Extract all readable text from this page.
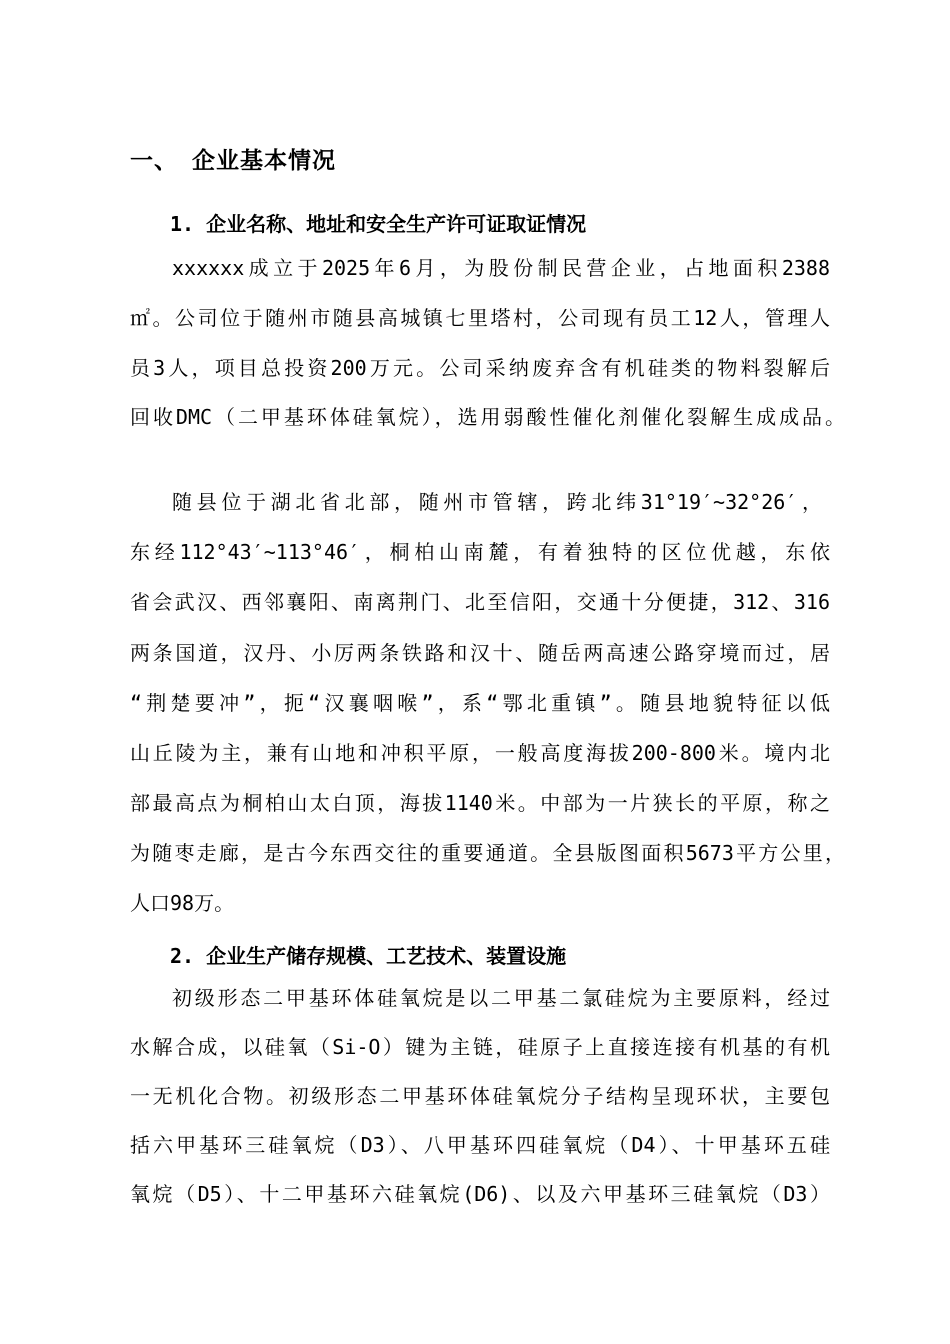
一、 企业基本情况
1. 企业名称、地址和安全生产许可证取证情况
xxxxxx成立于2025年6月，为股份制民营企业，占地面积2388
㎡。公司位于随州市随县高城镇七里塔村，公司现有员工12人，管理人
员3人，项目总投资200万元。公司采纳废弃含有机硅类的物料裂解后
回收DMC（二甲基环体硅氧烷），选用弱酸性催化剂催化裂解生成成品。
随县位于湖北省北部，随州市管辖，跨北纬31°19′~32°26′，
东经112°43′~113°46′，桐柏山南麓，有着独特的区位优越，东依
省会武汉、西邻襄阳、南离荆门、北至信阳，交通十分便捷，312、316
两条国道，汉丹、小厉两条铁路和汉十、随岳两高速公路穿境而过，居
“荆楚要冲”，扼“汉襄咽喉”，系“鄂北重镇”。随县地貌特征以低
山丘陵为主，兼有山地和冲积平原，一般高度海拔200-800米。境内北
部最高点为桐柏山太白顶，海拔1140米。中部为一片狭长的平原，称之
为随枣走廊，是古今东西交往的重要通道。全县版图面积5673平方公里，
人口98万。
2. 企业生产储存规模、工艺技术、装置设施
初级形态二甲基环体硅氧烷是以二甲基二氯硅烷为主要原料，经过
水解合成，以硅氧（Si-O）键为主链，硅原子上直接连接有机基的有机
一无机化合物。初级形态二甲基环体硅氧烷分子结构呈现环状，主要包
括六甲基环三硅氧烷（D3）、八甲基环四硅氧烷（D4）、十甲基环五硅
氧烷（D5）、十二甲基环六硅氧烷(D6)、以及六甲基环三硅氧烷（D3）
